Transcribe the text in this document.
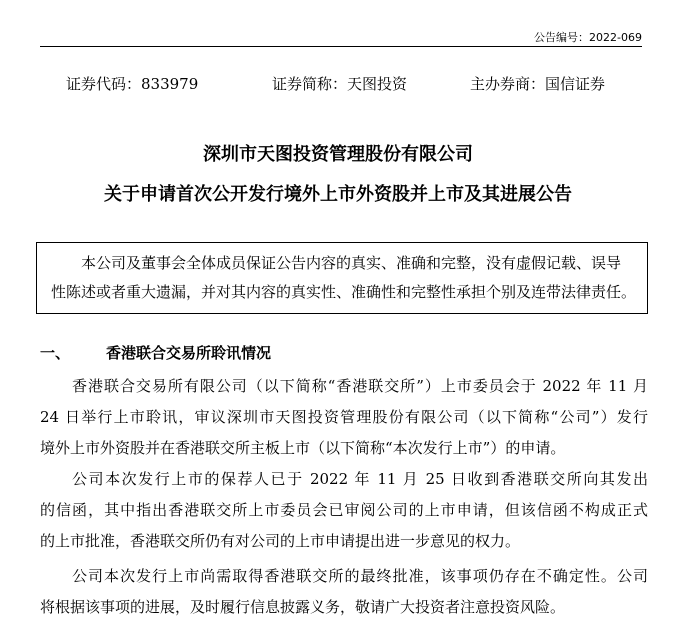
公告编号：2022-069
证券代码：833979	证券简称：天图投资	主办券商：国信证券
深圳市天图投资管理股份有限公司
关于申请首次公开发行境外上市外资股并上市及其进展公告

本公司及董事会全体成员保证公告内容的真实、准确和完整，没有虚假记载、误导

性陈述或者重大遗漏，并对其内容的真实性、准确性和完整性承担个别及连带法律责任。

一、 香港联合交易所聆讯情况
香港联合交易所有限公司（以下简称“香港联交所”）上市委员会于 2022 年 11 月
24 日举行上市聆讯，审议深圳市天图投资管理股份有限公司（以下简称“公司”）发行
境外上市外资股并在香港联交所主板上市（以下简称“本次发行上市”）的申请。
公司本次发行上市的保荐人已于 2022 年 11 月 25 日收到香港联交所向其发出
的信函，其中指出香港联交所上市委员会已审阅公司的上市申请，但该信函不构成正式
的上市批准，香港联交所仍有对公司的上市申请提出进一步意见的权力。
公司本次发行上市尚需取得香港联交所的最终批准，该事项仍存在不确定性。公司
将根据该事项的进展，及时履行信息披露义务，敬请广大投资者注意投资风险。
